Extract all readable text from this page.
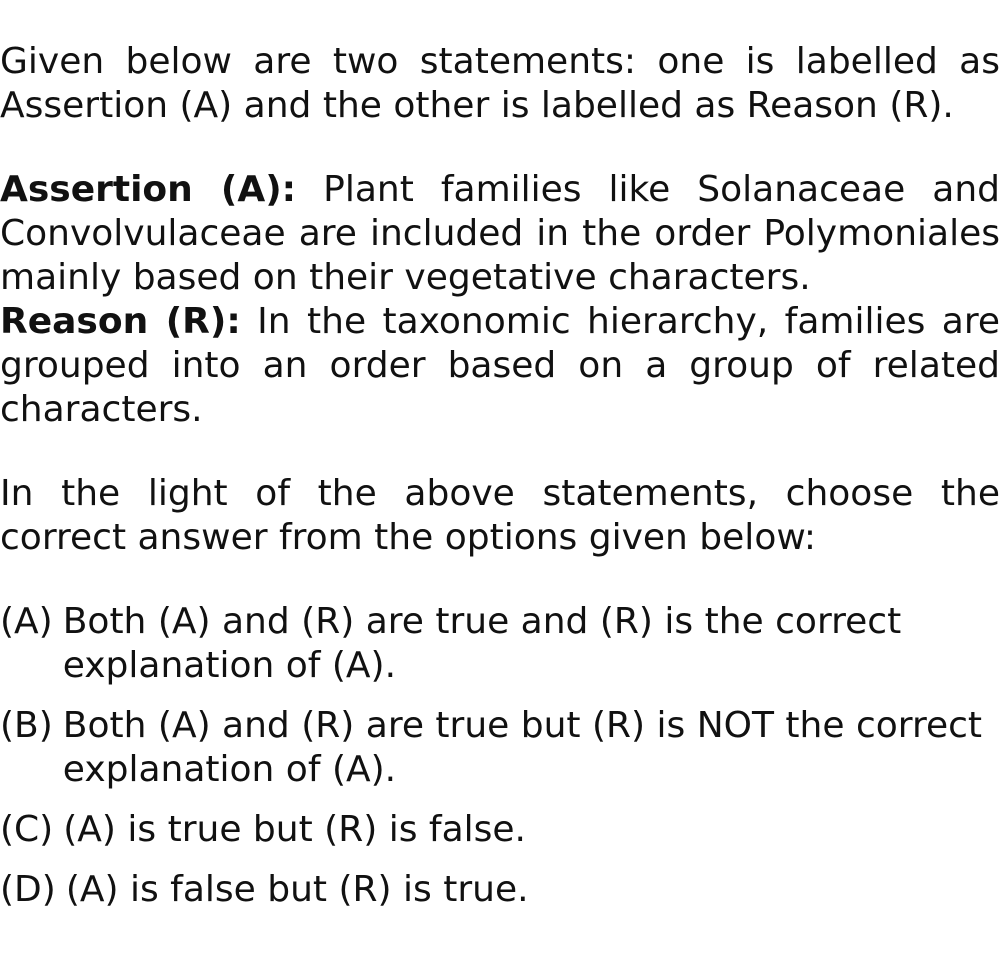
Given below are two statements: one is labelled as Assertion (A) and the other is labelled as Reason (R).

Assertion (A): Plant families like Solanaceae and Convolvulaceae are included in the order Polymoniales mainly based on their vegetative characters.

Reason (R): In the taxonomic hierarchy, families are grouped into an order based on a group of related characters.

In the light of the above statements, choose the correct answer from the options given below:

(A) Both (A) and (R) are true and (R) is the correct explanation of (A).
(B) Both (A) and (R) are true but (R) is NOT the correct explanation of (A).
(C) (A) is true but (R) is false.
(D) (A) is false but (R) is true.
